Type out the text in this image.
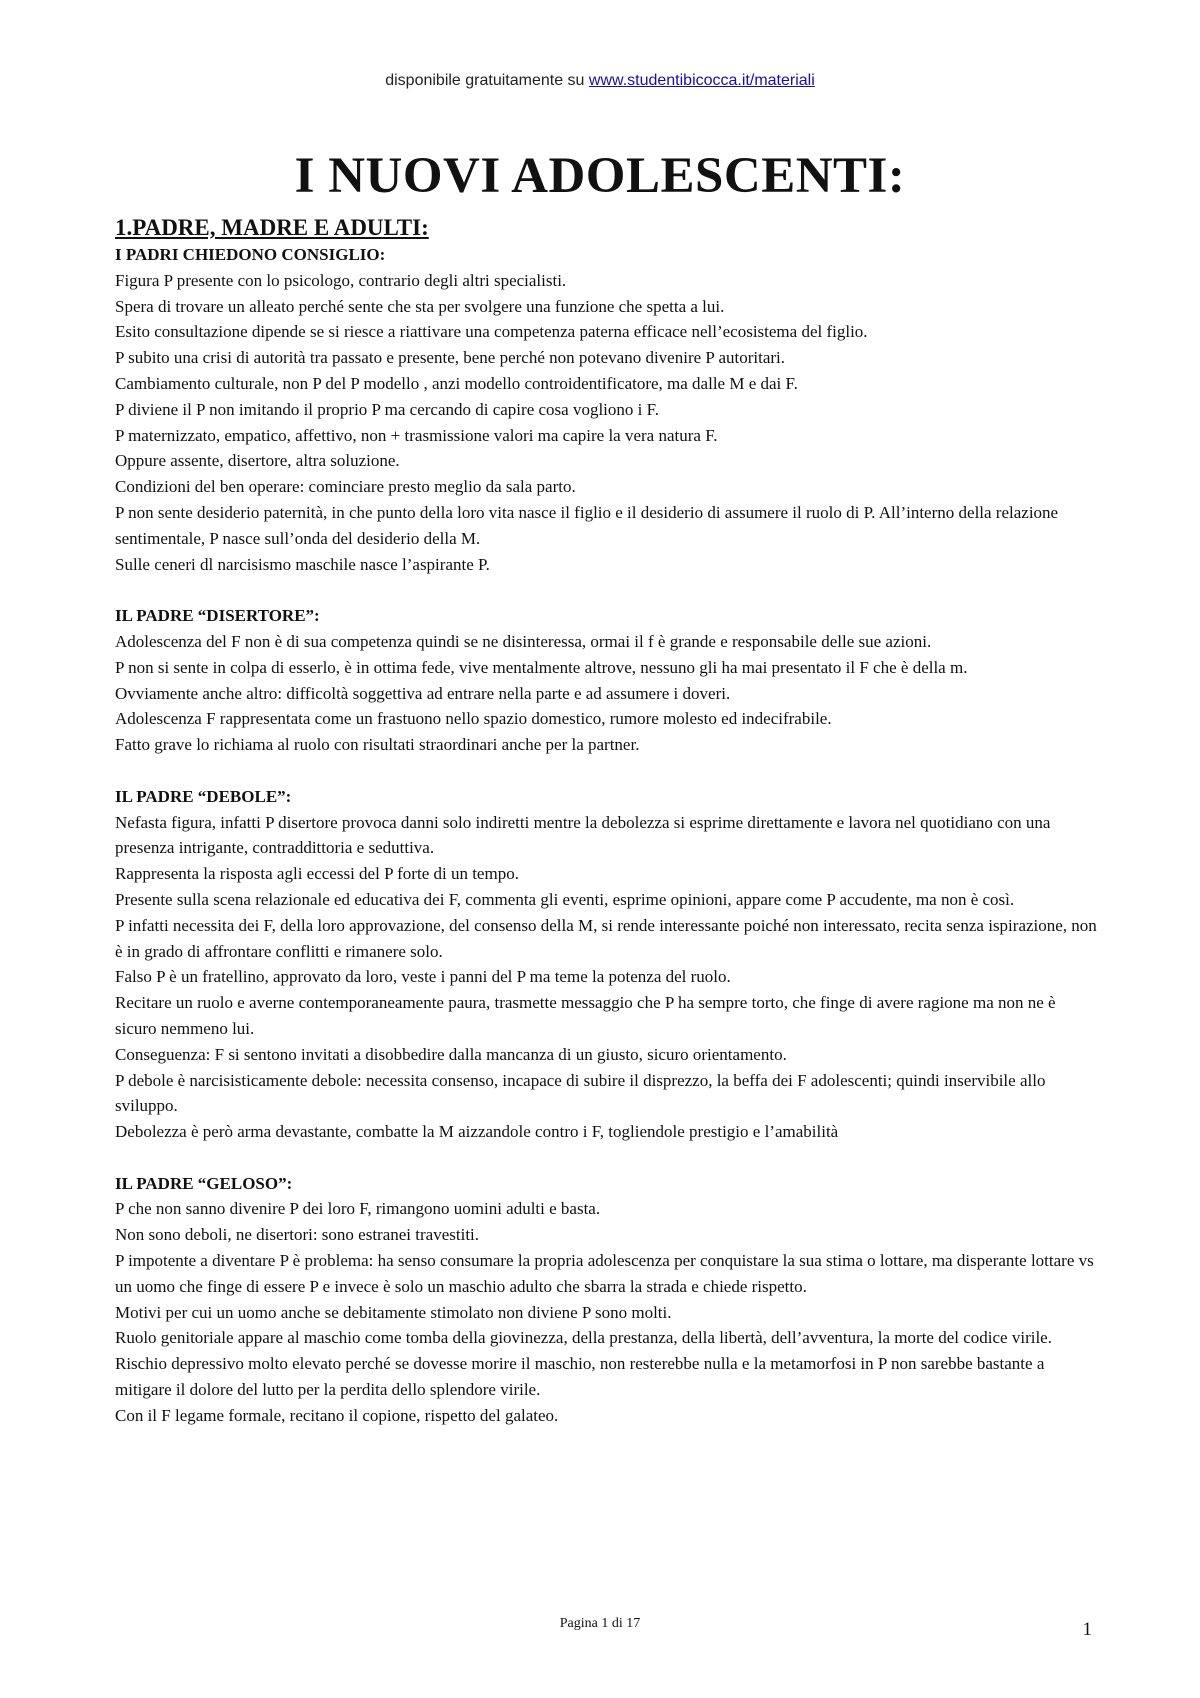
disponibile gratuitamente su www.studentibicocca.it/materiali
I NUOVI ADOLESCENTI:
1.PADRE, MADRE E ADULTI:

I PADRI CHIEDONO CONSIGLIO:

Figura P presente con lo psicologo, contrario degli altri specialisti.

Spera di trovare un alleato perché sente che sta per svolgere una funzione che spetta a lui.

Esito consultazione dipende se si riesce a riattivare una competenza paterna efficace nell’ecosistema del figlio.

P subito una crisi di autorità tra passato e presente, bene perché non potevano divenire P autoritari.

Cambiamento culturale, non P del P modello , anzi modello controidentificatore, ma dalle M e dai F.

P diviene il P non imitando il proprio P ma cercando di capire cosa vogliono i F.

P maternizzato, empatico, affettivo, non + trasmissione valori ma capire la vera natura F.

Oppure assente, disertore, altra soluzione.

Condizioni del ben operare: cominciare presto meglio da sala parto.

P non sente desiderio paternità, in che punto della loro vita nasce il figlio e il desiderio di assumere il ruolo di P. All’interno della relazione sentimentale, P nasce sull’onda del desiderio della M.

Sulle ceneri dl narcisismo maschile nasce l’aspirante P.

IL PADRE “DISERTORE”:

Adolescenza del F non è di sua competenza quindi se ne disinteressa, ormai il f è grande e responsabile delle sue azioni.

P non si sente in colpa di esserlo, è in ottima fede, vive mentalmente altrove, nessuno gli ha mai presentato il F che è della m.

Ovviamente anche altro: difficoltà soggettiva ad entrare nella parte e ad assumere i doveri.

Adolescenza F rappresentata come un frastuono nello spazio domestico, rumore molesto ed indecifrabile.

Fatto grave lo richiama al ruolo con risultati straordinari anche per la partner.

IL PADRE “DEBOLE”:

Nefasta figura, infatti P disertore provoca danni solo indiretti mentre la debolezza si esprime direttamente e lavora nel quotidiano con una presenza intrigante, contraddittoria e seduttiva.

Rappresenta la risposta agli eccessi del P forte di un tempo.

Presente sulla scena relazionale ed educativa dei F, commenta gli eventi, esprime opinioni, appare come P accudente, ma non è così.

P infatti necessita dei F, della loro approvazione, del consenso della M, si rende interessante poiché non interessato, recita senza ispirazione, non è in grado di affrontare conflitti e rimanere solo.

Falso P è un fratellino, approvato da loro, veste i panni del P ma teme la potenza del ruolo.

Recitare un ruolo e averne contemporaneamente paura, trasmette messaggio che P ha sempre torto, che finge di avere ragione ma non ne è sicuro nemmeno lui.

Conseguenza: F si sentono invitati a disobbedire dalla mancanza di un giusto, sicuro orientamento.

P debole è narcisisticamente debole: necessita consenso, incapace di subire il disprezzo, la beffa dei F adolescenti; quindi inservibile allo sviluppo.

Debolezza è però arma devastante, combatte la M aizzandole contro i F, togliendole prestigio e l’amabilità

IL PADRE “GELOSO”:

P che non sanno divenire P dei loro F, rimangono uomini adulti e basta.

Non sono deboli, ne disertori: sono estranei travestiti.

P impotente a diventare P è problema: ha senso consumare la propria adolescenza per conquistare la sua stima o lottare, ma disperante lottare vs un uomo che finge di essere P e invece è solo un maschio adulto che sbarra la strada e chiede rispetto.

Motivi per cui un uomo anche se debitamente stimolato non diviene P sono molti.

Ruolo genitoriale appare al maschio come tomba della giovinezza, della prestanza, della libertà, dell’avventura, la morte del codice virile.

Rischio depressivo molto elevato perché se dovesse morire il maschio, non resterebbe nulla e la metamorfosi in P non sarebbe bastante a mitigare il dolore del lutto per la perdita dello splendore virile.

Con il F legame formale, recitano il copione, rispetto del galateo.

Pagina 1 di 17	1
